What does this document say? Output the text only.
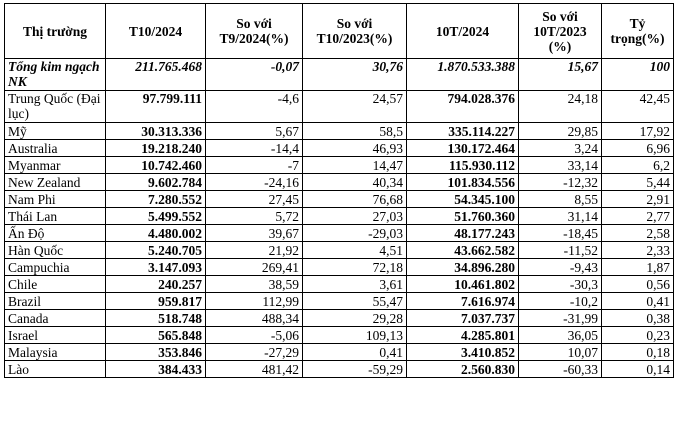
Thị trường	T10/2024	So với T9/2024(%)	So với T10/2023(%)	10T/2024	So với 10T/2023 (%)	Tỷ trọng(%)
Tổng kim ngạch NK	211.765.468	-0,07	30,76	1.870.533.388	15,67	100
Trung Quốc (Đại lục)	97.799.111	-4,6	24,57	794.028.376	24,18	42,45
Mỹ	30.313.336	5,67	58,5	335.114.227	29,85	17,92
Australia	19.218.240	-14,4	46,93	130.172.464	3,24	6,96
Myanmar	10.742.460	-7	14,47	115.930.112	33,14	6,2
New Zealand	9.602.784	-24,16	40,34	101.834.556	-12,32	5,44
Nam Phi	7.280.552	27,45	76,68	54.345.100	8,55	2,91
Thái Lan	5.499.552	5,72	27,03	51.760.360	31,14	2,77
Ấn Độ	4.480.002	39,67	-29,03	48.177.243	-18,45	2,58
Hàn Quốc	5.240.705	21,92	4,51	43.662.582	-11,52	2,33
Campuchia	3.147.093	269,41	72,18	34.896.280	-9,43	1,87
Chile	240.257	38,59	3,61	10.461.802	-30,3	0,56
Brazil	959.817	112,99	55,47	7.616.974	-10,2	0,41
Canada	518.748	488,34	29,28	7.037.737	-31,99	0,38
Israel	565.848	-5,06	109,13	4.285.801	36,05	0,23
Malaysia	353.846	-27,29	0,41	3.410.852	10,07	0,18
Lào	384.433	481,42	-59,29	2.560.830	-60,33	0,14
